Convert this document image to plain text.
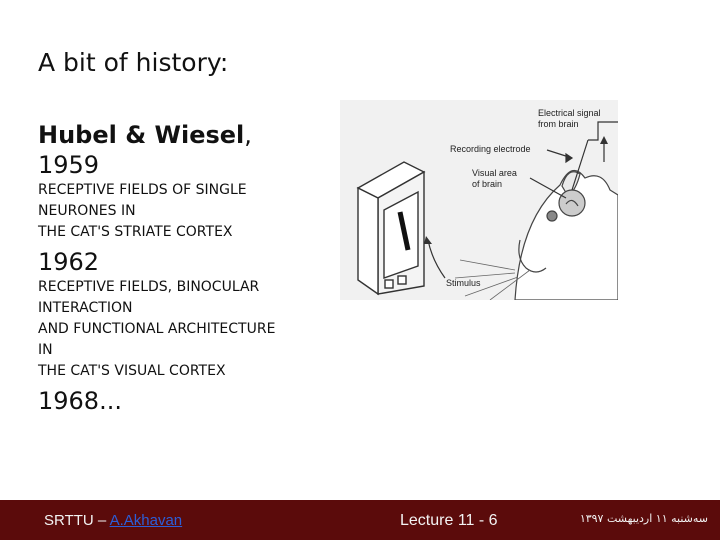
A bit of history:
Hubel & Wiesel,
1959
RECEPTIVE FIELDS OF SINGLE
NEURONES IN
THE CAT'S STRIATE CORTEX
1962
RECEPTIVE FIELDS, BINOCULAR
INTERACTION
AND FUNCTIONAL ARCHITECTURE
IN
THE CAT'S VISUAL CORTEX
1968...
Electrical signal
from brain
Recording electrode
Visual area
of brain
Stimulus
SRTTU – A.Akhavan	Lecture 11 - 6	سه‌شنبه ۱۱ اردیبهشت ۱۳۹۷
